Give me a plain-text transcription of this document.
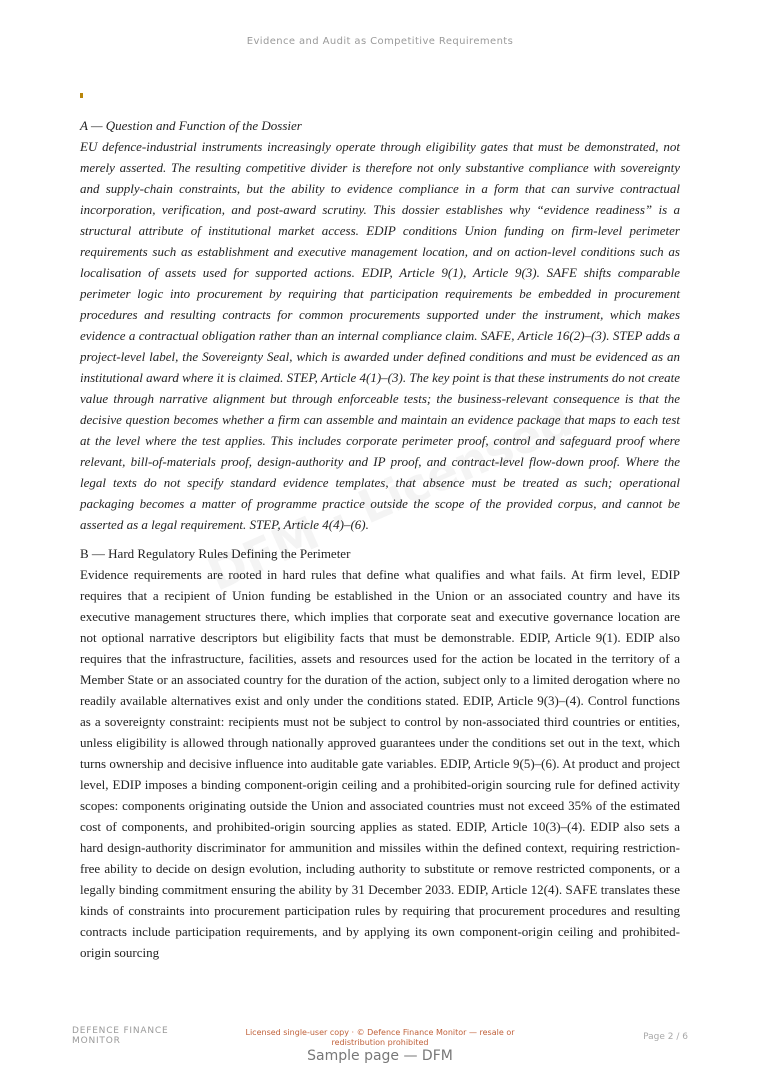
Evidence and Audit as Competitive Requirements
A — Question and Function of the Dossier

EU defence-industrial instruments increasingly operate through eligibility gates that must be demonstrated, not merely asserted. The resulting competitive divider is therefore not only substantive compliance with sovereignty and supply-chain constraints, but the ability to evidence compliance in a form that can survive contractual incorporation, verification, and post-award scrutiny. This dossier establishes why “evidence readiness” is a structural attribute of institutional market access. EDIP conditions Union funding on firm-level perimeter requirements such as establishment and executive management location, and on action-level conditions such as localisation of assets used for supported actions. EDIP, Article 9(1), Article 9(3). SAFE shifts comparable perimeter logic into procurement by requiring that participation requirements be embedded in procurement procedures and resulting contracts for common procurements supported under the instrument, which makes evidence a contractual obligation rather than an internal compliance claim. SAFE, Article 16(2)–(3). STEP adds a project-level label, the Sovereignty Seal, which is awarded under defined conditions and must be evidenced as an institutional award where it is claimed. STEP, Article 4(1)–(3). The key point is that these instruments do not create value through narrative alignment but through enforceable tests; the business-relevant consequence is that the decisive question becomes whether a firm can assemble and maintain an evidence package that maps to each test at the level where the test applies. This includes corporate perimeter proof, control and safeguard proof where relevant, bill-of-materials proof, design-authority and IP proof, and contract-level flow-down proof. Where the legal texts do not specify standard evidence templates, that absence must be treated as such; operational packaging becomes a matter of programme practice outside the scope of the provided corpus, and cannot be asserted as a legal requirement. STEP, Article 4(4)–(6).

B — Hard Regulatory Rules Defining the Perimeter

Evidence requirements are rooted in hard rules that define what qualifies and what fails. At firm level, EDIP requires that a recipient of Union funding be established in the Union or an associated country and have its executive management structures there, which implies that corporate seat and executive governance location are not optional narrative descriptors but eligibility facts that must be demonstrable. EDIP, Article 9(1). EDIP also requires that the infrastructure, facilities, assets and resources used for the action be located in the territory of a Member State or an associated country for the duration of the action, subject only to a limited derogation where no readily available alternatives exist and only under the conditions stated. EDIP, Article 9(3)–(4). Control functions as a sovereignty constraint: recipients must not be subject to control by non-associated third countries or entities, unless eligibility is allowed through nationally approved guarantees under the conditions set out in the text, which turns ownership and decisive influence into auditable gate variables. EDIP, Article 9(5)–(6). At product and project level, EDIP imposes a binding component-origin ceiling and a prohibited-origin sourcing rule for defined activity scopes: components originating outside the Union and associated countries must not exceed 35% of the estimated cost of components, and prohibited-origin sourcing applies as stated. EDIP, Article 10(3)–(4). EDIP also sets a hard design-authority discriminator for ammunition and missiles within the defined context, requiring restriction-free ability to decide on design evolution, including authority to substitute or remove restricted components, or a legally binding commitment ensuring the ability by 31 December 2033. EDIP, Article 12(4). SAFE translates these kinds of constraints into procurement participation rules by requiring that procurement procedures and resulting contracts include participation requirements, and by applying its own component-origin ceiling and prohibited-origin sourcing

DEFENCE FINANCE MONITOR
Licensed single-user copy · © Defence Finance Monitor — resale or redistribution prohibited
Page 2 / 6
Sample page — DFM
